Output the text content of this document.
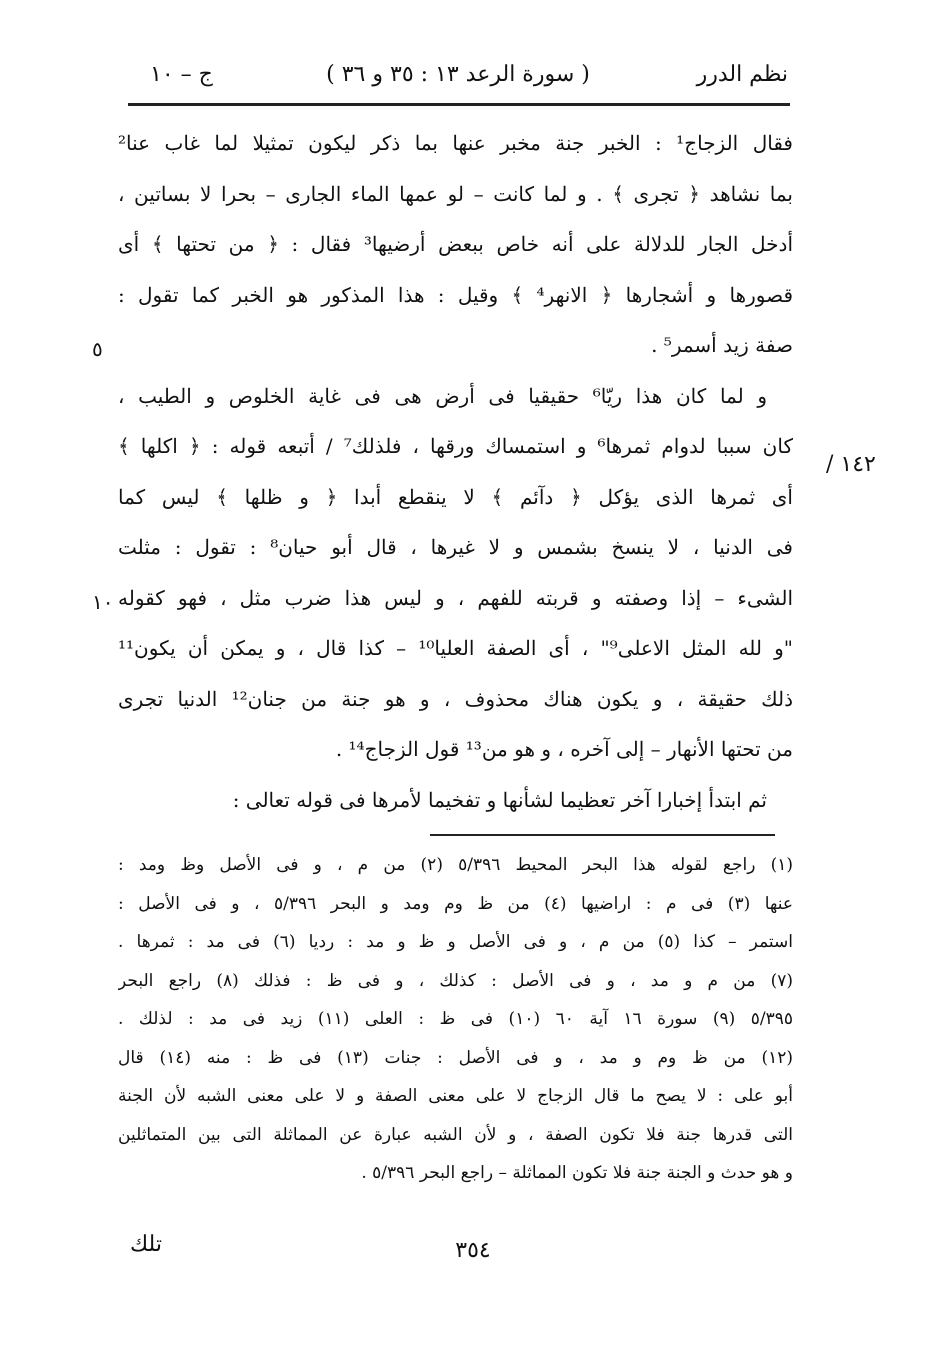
نظم الدرر
( سورة الرعد ١٣ : ٣٥ و ٣٦ )
ج – ١٠
١٤٢ /
٥
١٠
فقال الزجاج¹ : الخبر جنة مخبر عنها بما ذكر ليكون تمثيلا لما غاب عنا²
بما نشاهد ﴿ تجرى ﴾ . و لما كانت – لو عمها الماء الجارى – بحرا لا بساتين ،
أدخل الجار للدلالة على أنه خاص ببعض أرضيها³ فقال : ﴿ من تحتها ﴾ أى
قصورها و أشجارها ﴿ الانهر⁴ ﴾ وقيل : هذا المذكور هو الخبر كما تقول :
صفة زيد أسمر⁵ .
و لما كان هذا ريّا⁶ حقيقيا فى أرض هى فى غاية الخلوص و الطيب ،
كان سببا لدوام ثمرها⁶ و استمساك ورقها ، فلذلك⁷ / أتبعه قوله : ﴿ اكلها ﴾
أى ثمرها الذى يؤكل ﴿ دآئم ﴾ لا ينقطع أبدا ﴿ و ظلها ﴾ ليس كما
فى الدنيا ، لا ينسخ بشمس و لا غيرها ، قال أبو حيان⁸ : تقول : مثلت
الشىء – إذا وصفته و قربته للفهم ، و ليس هذا ضرب مثل ، فهو كقوله
"و لله المثل الاعلى⁹" ، أى الصفة العليا¹⁰ – كذا قال ، و يمكن أن يكون¹¹
ذلك حقيقة ، و يكون هناك محذوف ، و هو جنة من جنان¹² الدنيا تجرى
من تحتها الأنهار – إلى آخره ، و هو من¹³ قول الزجاج¹⁴ .
ثم ابتدأ إخبارا آخر تعظيما لشأنها و تفخيما لأمرها فى قوله تعالى :
(١) راجع لقوله هذا البحر المحيط ٥/٣٩٦ (٢) من م ، و فى الأصل وظ ومد :
عنها (٣) فى م : اراضيها (٤) من ظ وم ومد و البحر ٥/٣٩٦ ، و فى الأصل :
استمر – كذا (٥) من م ، و فى الأصل و ظ و مد : رديا (٦) فى مد : ثمرها .
(٧) من م و مد ، و فى الأصل : كذلك ، و فى ظ : فذلك (٨) راجع البحر
٥/٣٩٥ (٩) سورة ١٦ آية ٦٠ (١٠) فى ظ : العلى (١١) زيد فى مد : لذلك .
(١٢) من ظ وم و مد ، و فى الأصل : جنات (١٣) فى ظ : منه (١٤) قال
أبو على : لا يصح ما قال الزجاج لا على معنى الصفة و لا على معنى الشبه لأن الجنة
التى قدرها جنة فلا تكون الصفة ، و لأن الشبه عبارة عن المماثلة التى بين المتماثلين
و هو حدث و الجنة جنة فلا تكون المماثلة – راجع البحر ٥/٣٩٦ .
٣٥٤
تلك
